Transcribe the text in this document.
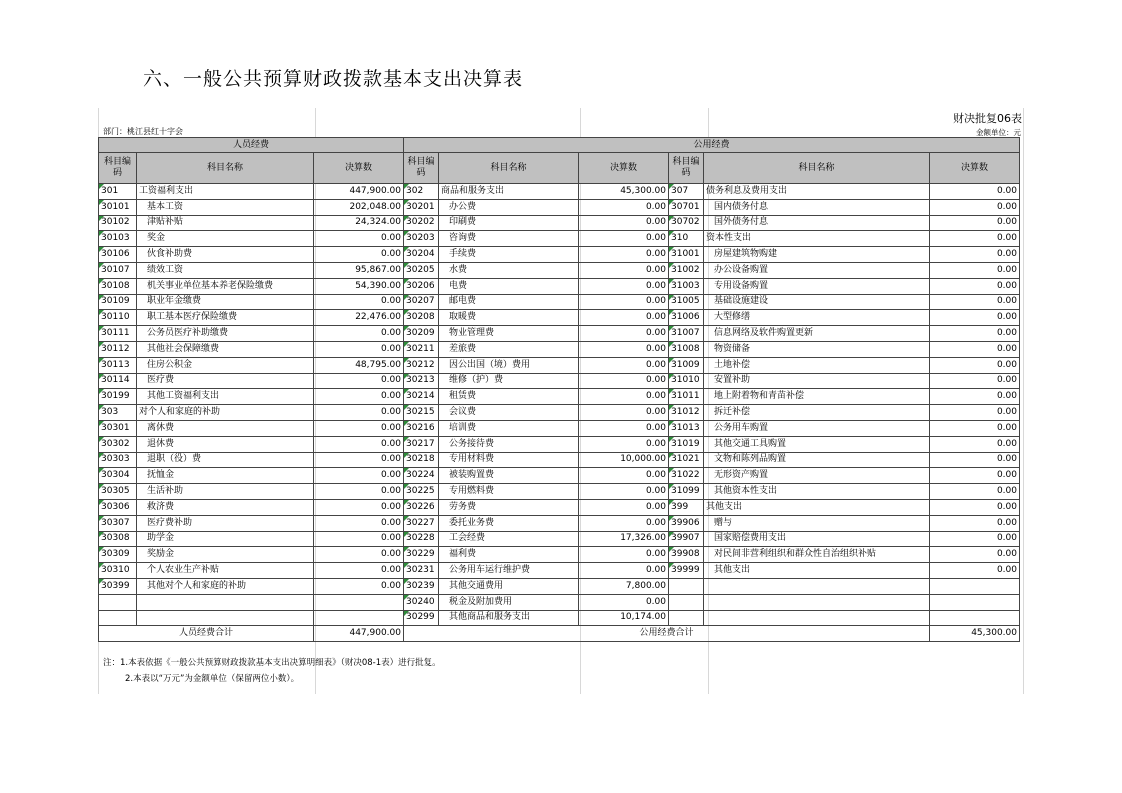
六、一般公共预算财政拨款基本支出决算表
财决批复06表
部门：桃江县红十字会	金额单位：元
人员经费			公用经费					
科目编码	科目名称	决算数	科目编码	科目名称	决算数	科目编码	科目名称	决算数
301	工资福利支出	447,900.00	302	商品和服务支出	45,300.00	307	债务利息及费用支出	0.00
30101	基本工资	202,048.00	30201	办公费	0.00	30701	国内债务付息	0.00
30102	津贴补贴	24,324.00	30202	印刷费	0.00	30702	国外债务付息	0.00
30103	奖金	0.00	30203	咨询费	0.00	310	资本性支出	0.00
30106	伙食补助费	0.00	30204	手续费	0.00	31001	房屋建筑物购建	0.00
30107	绩效工资	95,867.00	30205	水费	0.00	31002	办公设备购置	0.00
30108	机关事业单位基本养老保险缴费	54,390.00	30206	电费	0.00	31003	专用设备购置	0.00
30109	职业年金缴费	0.00	30207	邮电费	0.00	31005	基础设施建设	0.00
30110	职工基本医疗保险缴费	22,476.00	30208	取暖费	0.00	31006	大型修缮	0.00
30111	公务员医疗补助缴费	0.00	30209	物业管理费	0.00	31007	信息网络及软件购置更新	0.00
30112	其他社会保障缴费	0.00	30211	差旅费	0.00	31008	物资储备	0.00
30113	住房公积金	48,795.00	30212	因公出国（境）费用	0.00	31009	土地补偿	0.00
30114	医疗费	0.00	30213	维修（护）费	0.00	31010	安置补助	0.00
30199	其他工资福利支出	0.00	30214	租赁费	0.00	31011	地上附着物和青苗补偿	0.00
303	对个人和家庭的补助	0.00	30215	会议费	0.00	31012	拆迁补偿	0.00
30301	离休费	0.00	30216	培训费	0.00	31013	公务用车购置	0.00
30302	退休费	0.00	30217	公务接待费	0.00	31019	其他交通工具购置	0.00
30303	退职（役）费	0.00	30218	专用材料费	10,000.00	31021	文物和陈列品购置	0.00
30304	抚恤金	0.00	30224	被装购置费	0.00	31022	无形资产购置	0.00
30305	生活补助	0.00	30225	专用燃料费	0.00	31099	其他资本性支出	0.00
30306	救济费	0.00	30226	劳务费	0.00	399	其他支出	0.00
30307	医疗费补助	0.00	30227	委托业务费	0.00	39906	赠与	0.00
30308	助学金	0.00	30228	工会经费	17,326.00	39907	国家赔偿费用支出	0.00
30309	奖励金	0.00	30229	福利费	0.00	39908	对民间非营利组织和群众性自治组织补贴	0.00
30310	个人农业生产补贴	0.00	30231	公务用车运行维护费	0.00	39999	其他支出	0.00
30399	其他对个人和家庭的补助	0.00	30239	其他交通费用	7,800.00			
			30240	税金及附加费用	0.00			
			30299	其他商品和服务支出	10,174.00			
人员经费合计		447,900.00	公用经费合计					45,300.00
注：1.本表依据《一般公共预算财政拨款基本支出决算明细表》（财决08-1表）进行批复。
2.本表以“万元”为金额单位（保留两位小数）。
